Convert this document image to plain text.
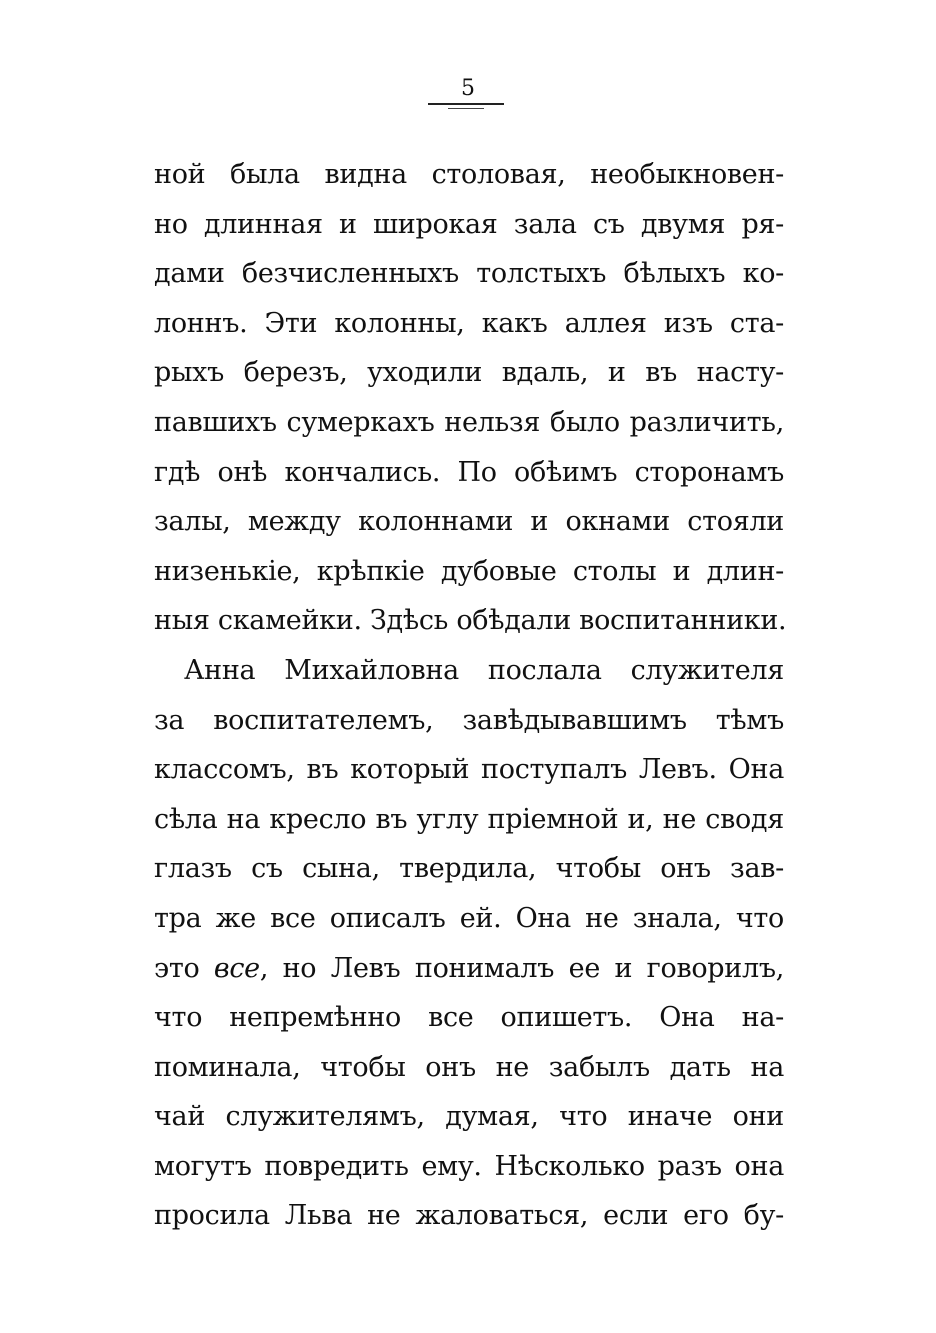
5
ной была видна столовая, необыкновен-
но длинная и широкая зала съ двумя ря-
дами безчисленныхъ толстыхъ бѣлыхъ ко-
лоннъ. Эти колонны, какъ аллея изъ ста-
рыхъ березъ, уходили вдаль, и въ насту-
павшихъ сумеркахъ нельзя было различить,
гдѣ онѣ кончались. По обѣимъ сторонамъ
залы, между колоннами и окнами стояли
низенькіе, крѣпкіе дубовые столы и длин-
ныя скамейки. Здѣсь обѣдали воспитанники.
Анна Михайловна послала служителя
за воспитателемъ, завѣдывавшимъ тѣмъ
классомъ, въ который поступалъ Левъ. Она
сѣла на кресло въ углу пріемной и, не сводя
глазъ съ сына, твердила, чтобы онъ зав-
тра же все описалъ ей. Она не знала, что
это все, но Левъ понималъ ее и говорилъ,
что непремѣнно все опишетъ. Она на-
поминала, чтобы онъ не забылъ дать на
чай служителямъ, думая, что иначе они
могутъ повредить ему. Нѣсколько разъ она
просила Льва не жаловаться, если его бу-
